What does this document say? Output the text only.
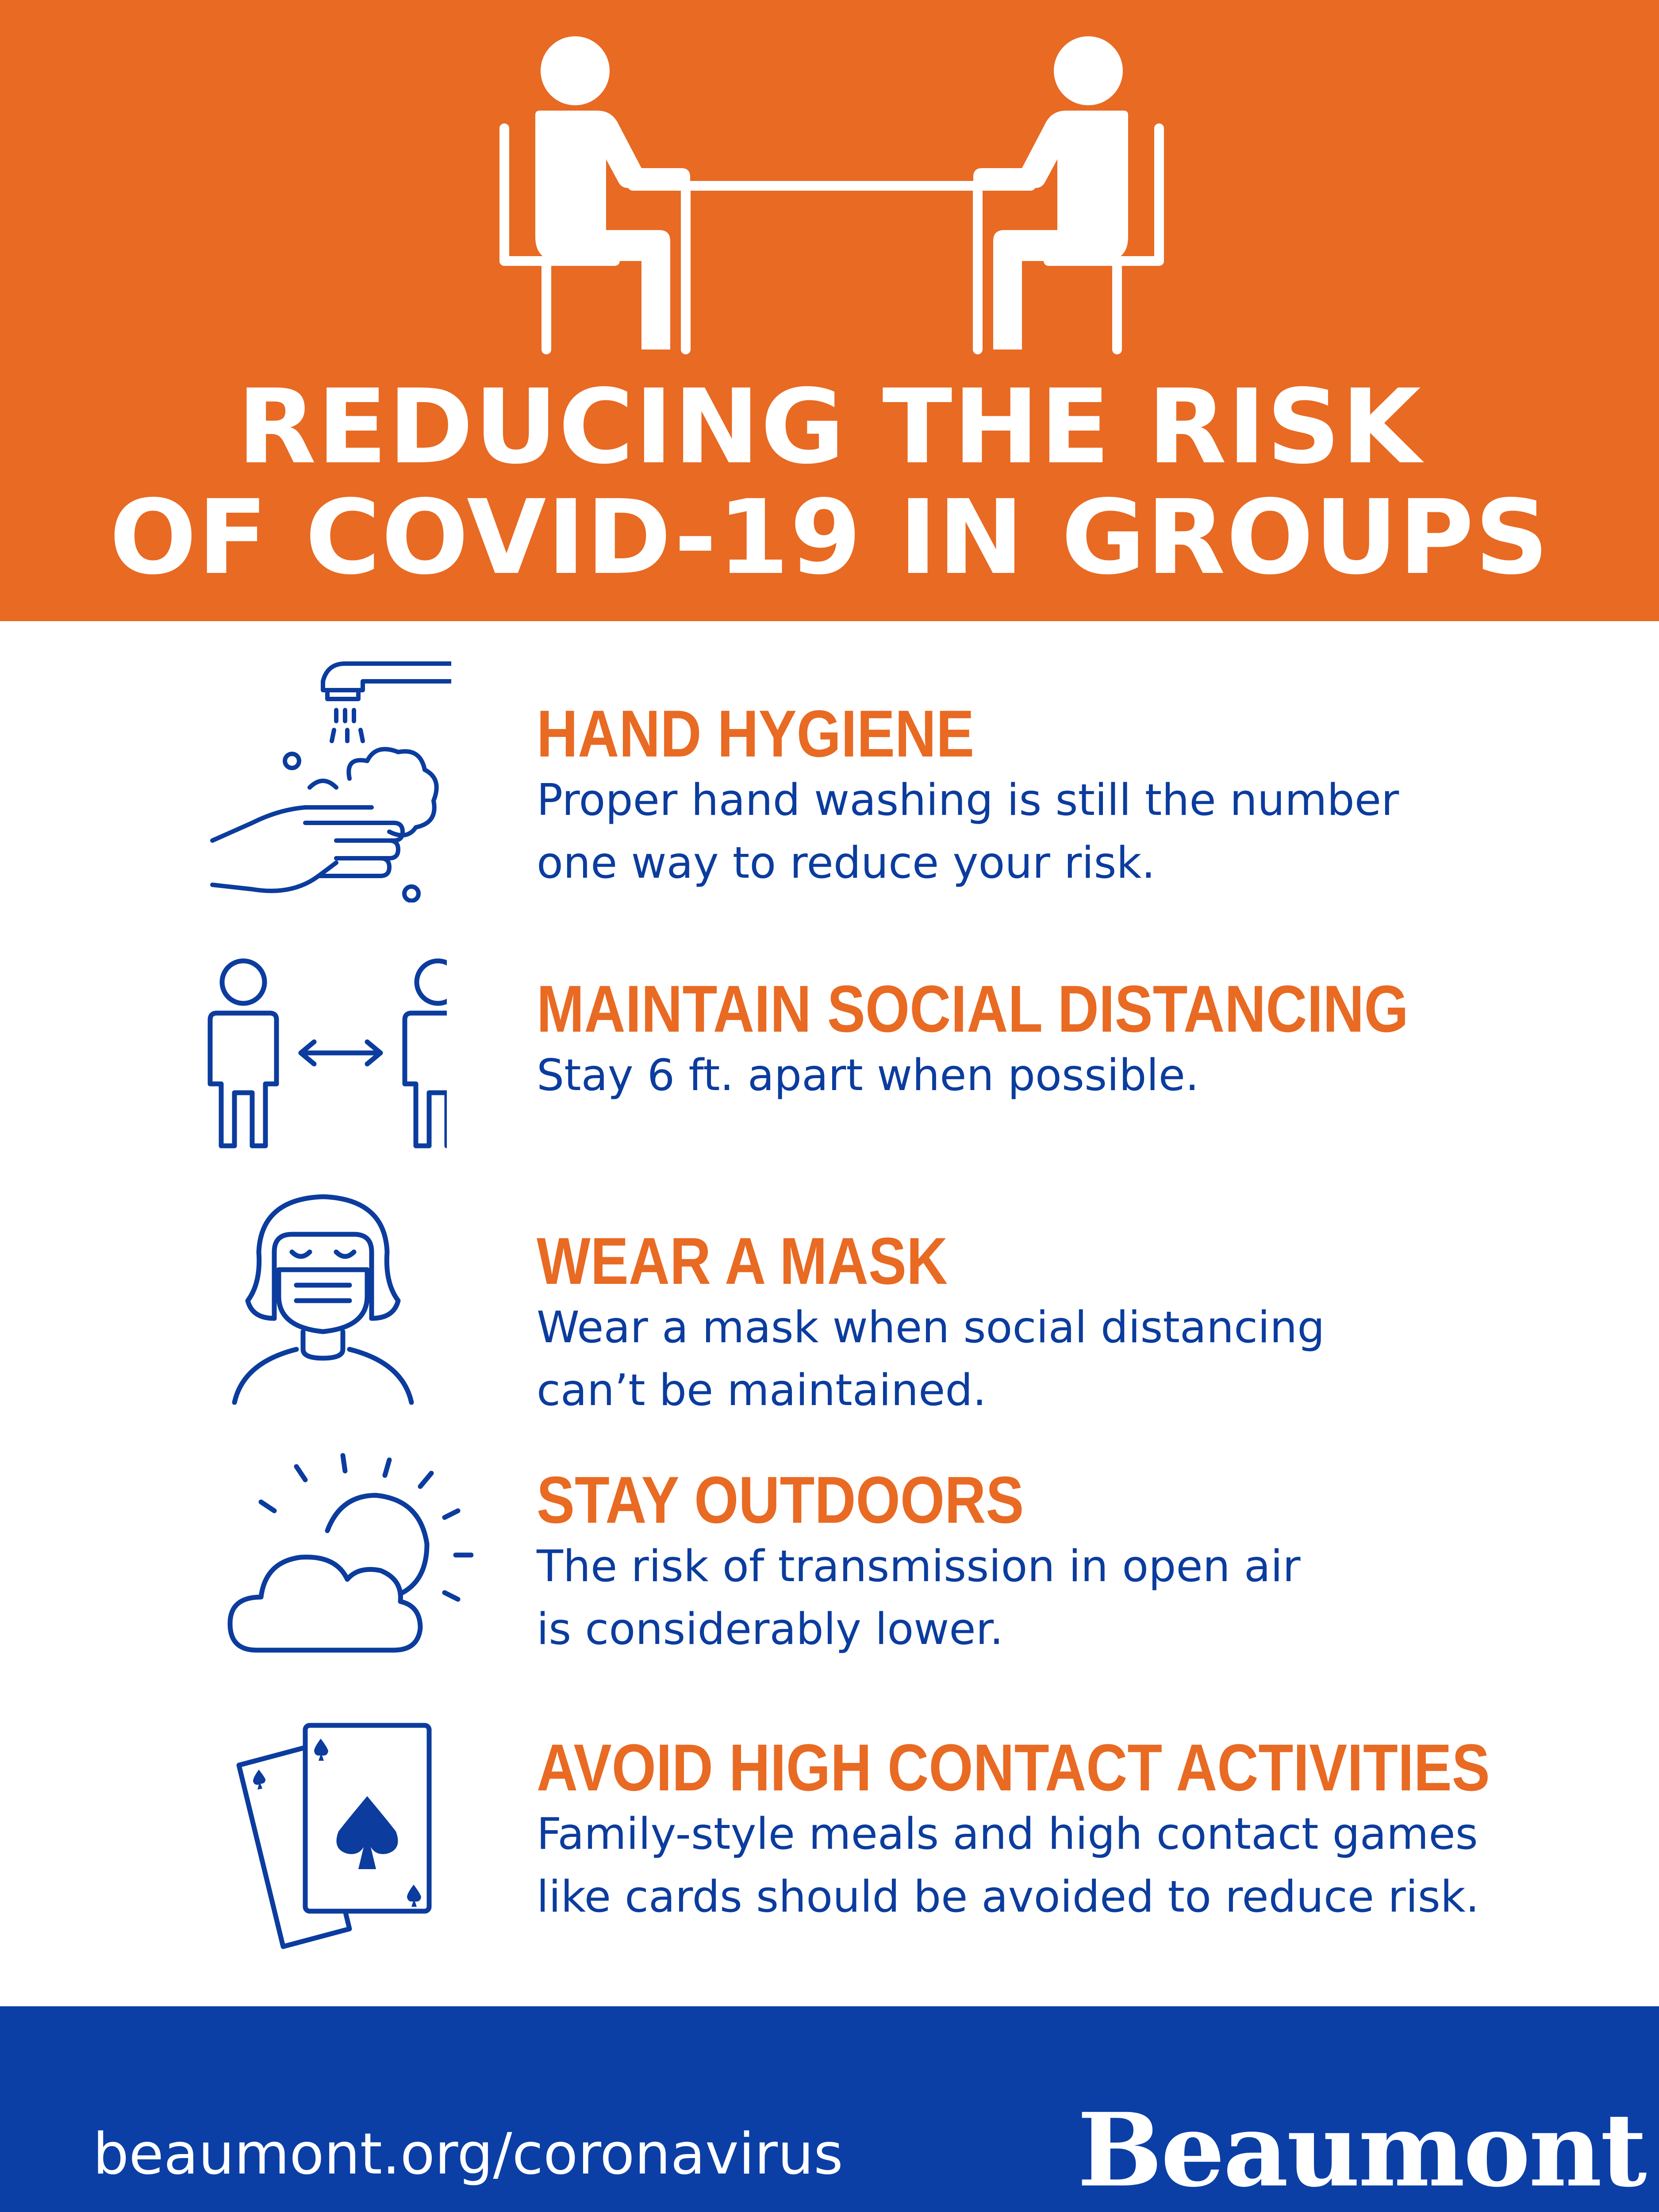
REDUCING THE RISK
OF COVID-19 IN GROUPS
HAND HYGIENE

Proper hand washing is still the number
one way to reduce your risk.

MAINTAIN SOCIAL DISTANCING

Stay 6 ft. apart when possible.

WEAR A MASK

Wear a mask when social distancing
can’t be maintained.

STAY OUTDOORS

The risk of transmission in open air
is considerably lower.

AVOID HIGH CONTACT ACTIVITIES

Family-style meals and high contact games
like cards should be avoided to reduce risk.

beaumont.org/coronavirus Beaumont
